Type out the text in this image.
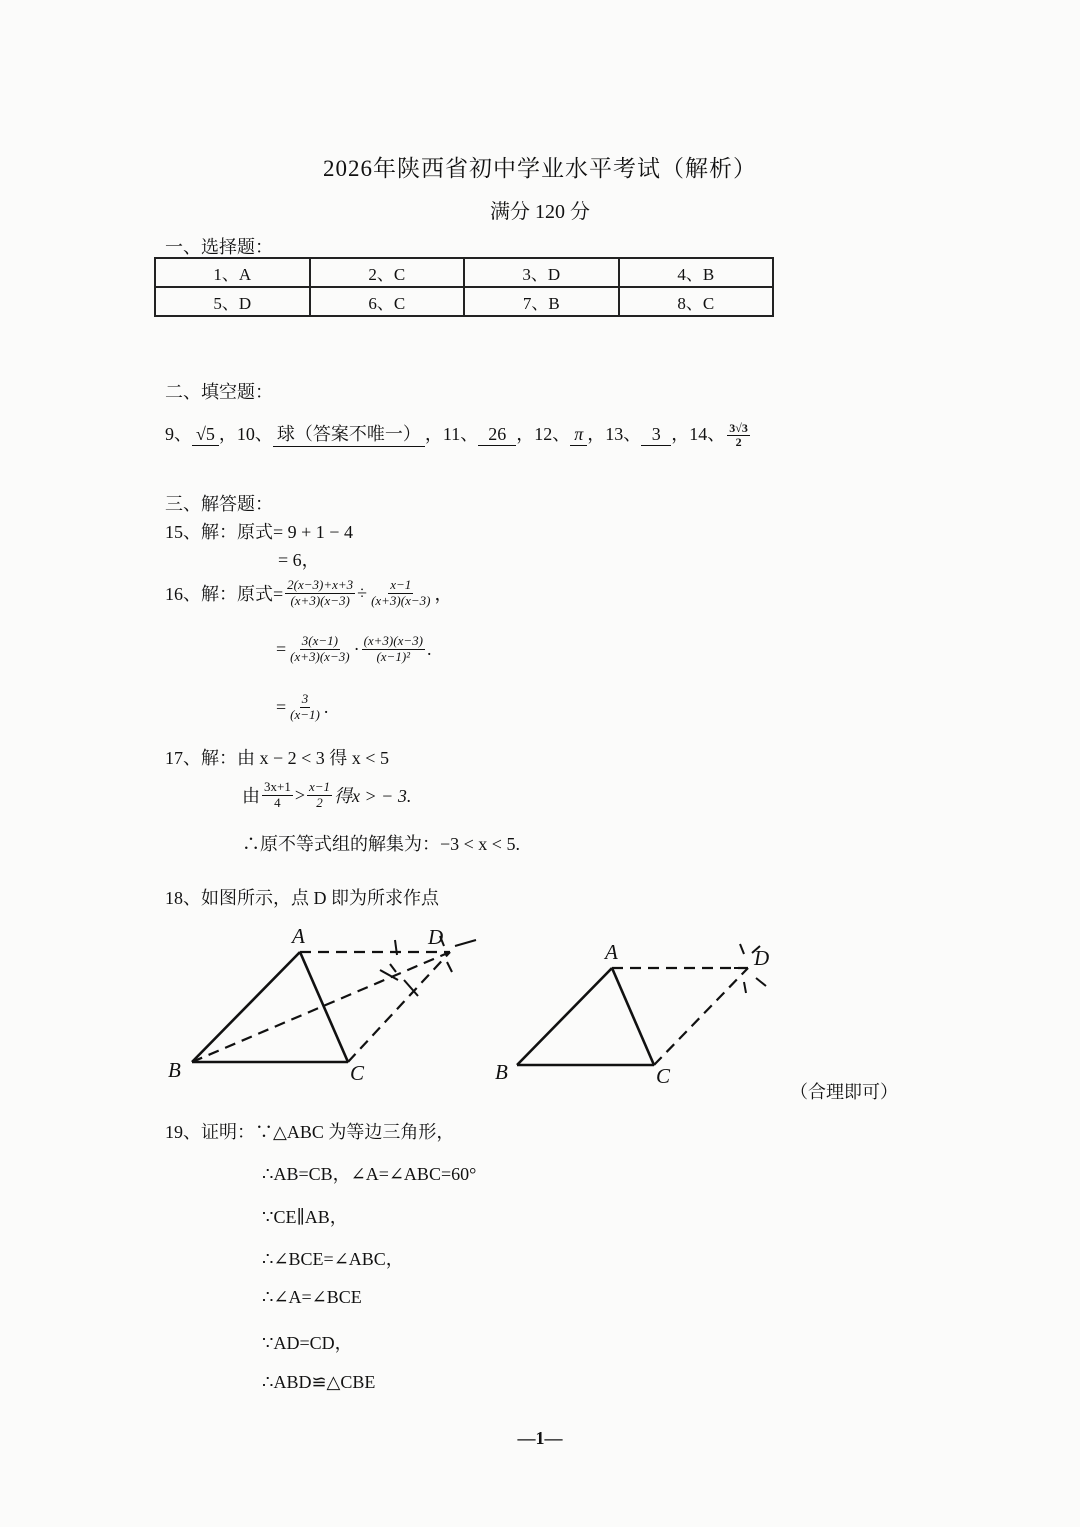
2026年陕西省初中学业水平考试（解析）
满分 120 分
一、选择题：
1、A	2、C	3、D	4、B
5、D	6、C	7、B	8、C
二、填空题：
9、 √5 ，10、 球（答案不唯一） ，11、 26 ，12、 π ，13、 3 ，14、 $\frac{3√3}{2}$
三、解答题：
15、解：原式= 9 + 1 − 4
= 6，
16、解：原式= $\frac{2(x-3)+x+3}{(x+3)(x-3)} \div \frac{x-1}{(x+3)(x-3)}$ ，
= $\frac{3(x-1)}{(x+3)(x-3)} \cdot \frac{(x+3)(x-3)}{\text{(x−1)²}}$ .
= $\frac{3}{(x-1)}$ .
17、解：由 x − 2 < 3 得 x < 5
由 $\frac{3x+1}{4} > \frac{x-1}{2}$ 得x > − 3.
∴原不等式组的解集为：−3 < x < 5.
18、如图所示，点 D 即为所求作点
A
B	C
D
A
B	C
D
（合理即可）
19、证明：∵△ABC 为等边三角形，
∴AB=CB，∠A=∠ABC=60°
∵CE∥AB，
∴∠BCE=∠ABC，
∴∠A=∠BCE
∵AD=CD，
∴ABD≌△CBE
—1—
